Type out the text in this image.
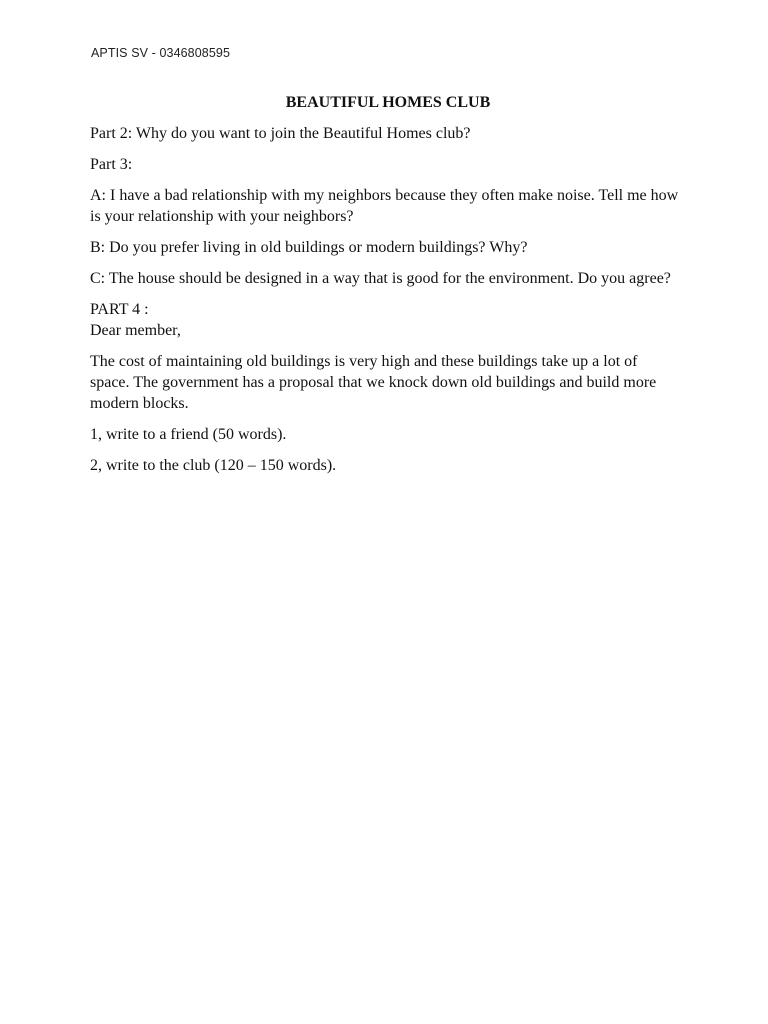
APTIS SV - 0346808595
BEAUTIFUL HOMES CLUB
Part 2: Why do you want to join the Beautiful Homes club?
Part 3:
A: I have a bad relationship with my neighbors because they often make noise. Tell me how is your relationship with your neighbors?
B: Do you prefer living in old buildings or modern buildings? Why?
C: The house should be designed in a way that is good for the environment. Do you agree?
PART 4 :
Dear member,
The cost of maintaining old buildings is very high and these buildings take up a lot of space. The government has a proposal that we knock down old buildings and build more modern blocks.
1, write to a friend (50 words).
2, write to the club (120 – 150 words).
